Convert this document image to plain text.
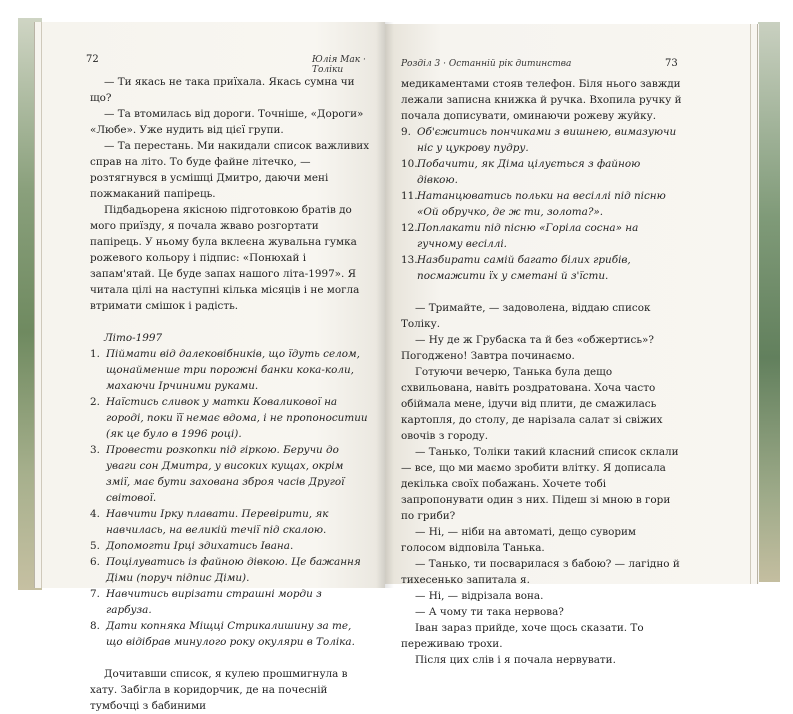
72	Юлія Мак · Толіки

— Ти якась не така приїхала. Якась сумна чи що?

— Та втомилась від дороги. Точніше, «Дороги» «Любе». Уже нудить від цієї групи.

— Та перестань. Ми накидали список важливих справ на літо. То буде файне літечко, — розтягнувся в усмішці Дмитро, даючи мені пожмаканий папірець.

Підбадьорена якісною підготовкою братів до мого приїзду, я почала жваво розгортати папірець. У ньому була вклеєна жувальна гумка рожевого кольору і підпис: «Понюхай і запам'ятай. Це буде запах нашого літа-1997». Я читала цілі на наступні кілька місяців і не могла втримати смішок і радість.

Літо-1997

1. Піймати від далековібників, що їдуть селом, щонайменше три порожні банки кока-коли, махаючи Ірчиними руками.
2. Наїстись сливок у матки Коваликової на городі, поки її немає вдома, і не пропоноситии (як це було в 1996 році).
3. Провести розкопки під гіркою. Беручи до уваги сон Дмитра, у високих кущах, окрім змії, має бути захована зброя часів Другої світової.
4. Навчити Ірку плавати. Перевірити, як навчилась, на великій течії під скалою.
5. Допомогти Ірці здихатись Івана.
6. Поцілуватись із файною дівкою. Це бажання Діми (поруч підпис Діми).
7. Навчитись вирізати страшні морди з гарбуза.
8. Дати копняка Міщці Стрикалишину за те, що відібрав минулого року окуляри в Толіка.

Дочитавши список, я кулею прошмигнула в хату. Забігла в коридорчик, де на почесній тумбочці з бабиними

Розділ 3 · Останній рік дитинства	73

медикаментами стояв телефон. Біля нього завжди лежали записна книжка й ручка. Вхопила ручку й почала дописувати, оминаючи рожеву жуйку.

9. Об'єжитись пончиками з вишнею, вимазуючи ніс у цукрову пудру.
10. Побачити, як Діма цілується з файною дівкою.
11. Натанцюватись польки на весіллі під пісню «Ой обручко, де ж ти, золота?».
12. Поплакати під пісню «Горіла сосна» на гучному весіллі.
13. Назбирати самій багато білих грибів, посмажити їх у сметані й з'їсти.

— Тримайте, — задоволена, віддаю список Толіку.

— Ну де ж Грубаска та й без «обжертись»? Погоджено! Завтра починаємо.

Готуючи вечерю, Танька була дещо схвильована, навіть роздратована. Хоча часто обіймала мене, ідучи від плити, де смажилась картопля, до столу, де нарізала салат зі свіжих овочів з городу.

— Танько, Толіки такий класний список склали — все, що ми маємо зробити влітку. Я дописала декілька своїх побажань. Хочете тобі запропонувати один з них. Підеш зі мною в гори по гриби?

— Ні, — ніби на автоматі, дещо суворим голосом відповіла Танька.

— Танько, ти посварилася з бабою? — лагідно й тихесенько запитала я.

— Ні, — відрізала вона.

— А чому ти така нервова?

Іван зараз прийде, хоче щось сказати. То переживаю трохи.

Після цих слів і я почала нервувати.
